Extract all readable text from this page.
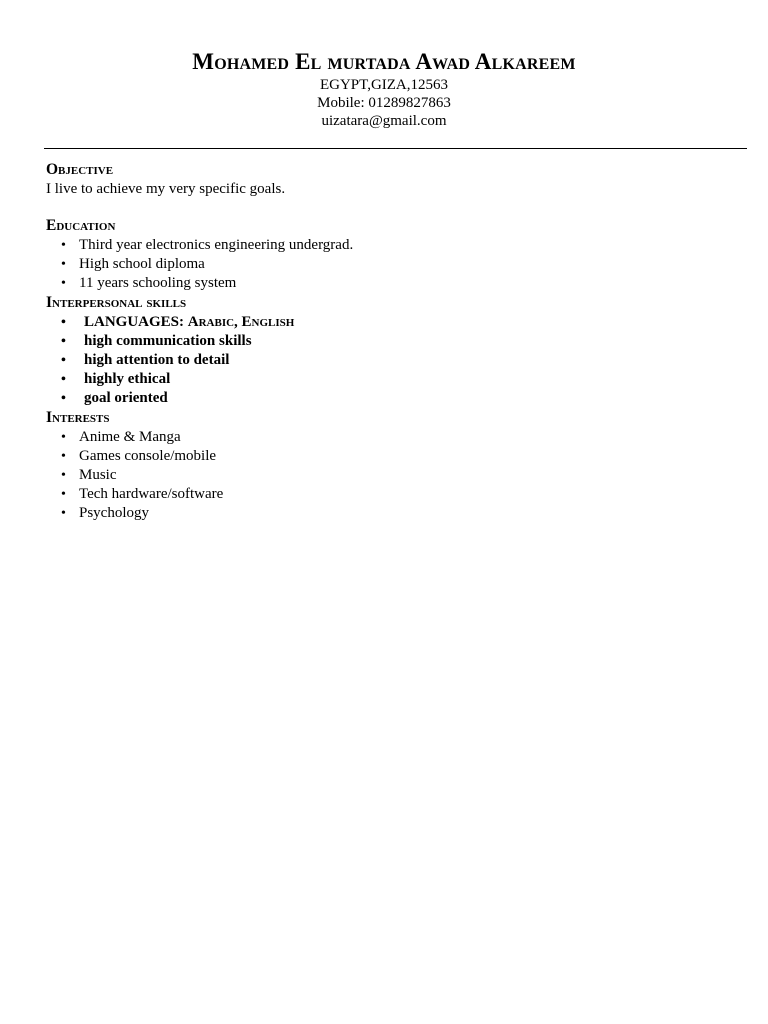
Mohamed El murtada Awad Alkareem

EGYPT,GIZA,12563

Mobile: 01289827863

uizatara@gmail.com

Objective

I live to achieve my very specific goals.

Education
• Third year electronics engineering undergrad.
• High school diploma
• 11 years schooling system
Interpersonal skills
• LANGUAGES: Arabic, English
• high communication skills
• high attention to detail
• highly ethical
• goal oriented
Interests
• Anime & Manga
• Games console/mobile
• Music
• Tech hardware/software
• Psychology
